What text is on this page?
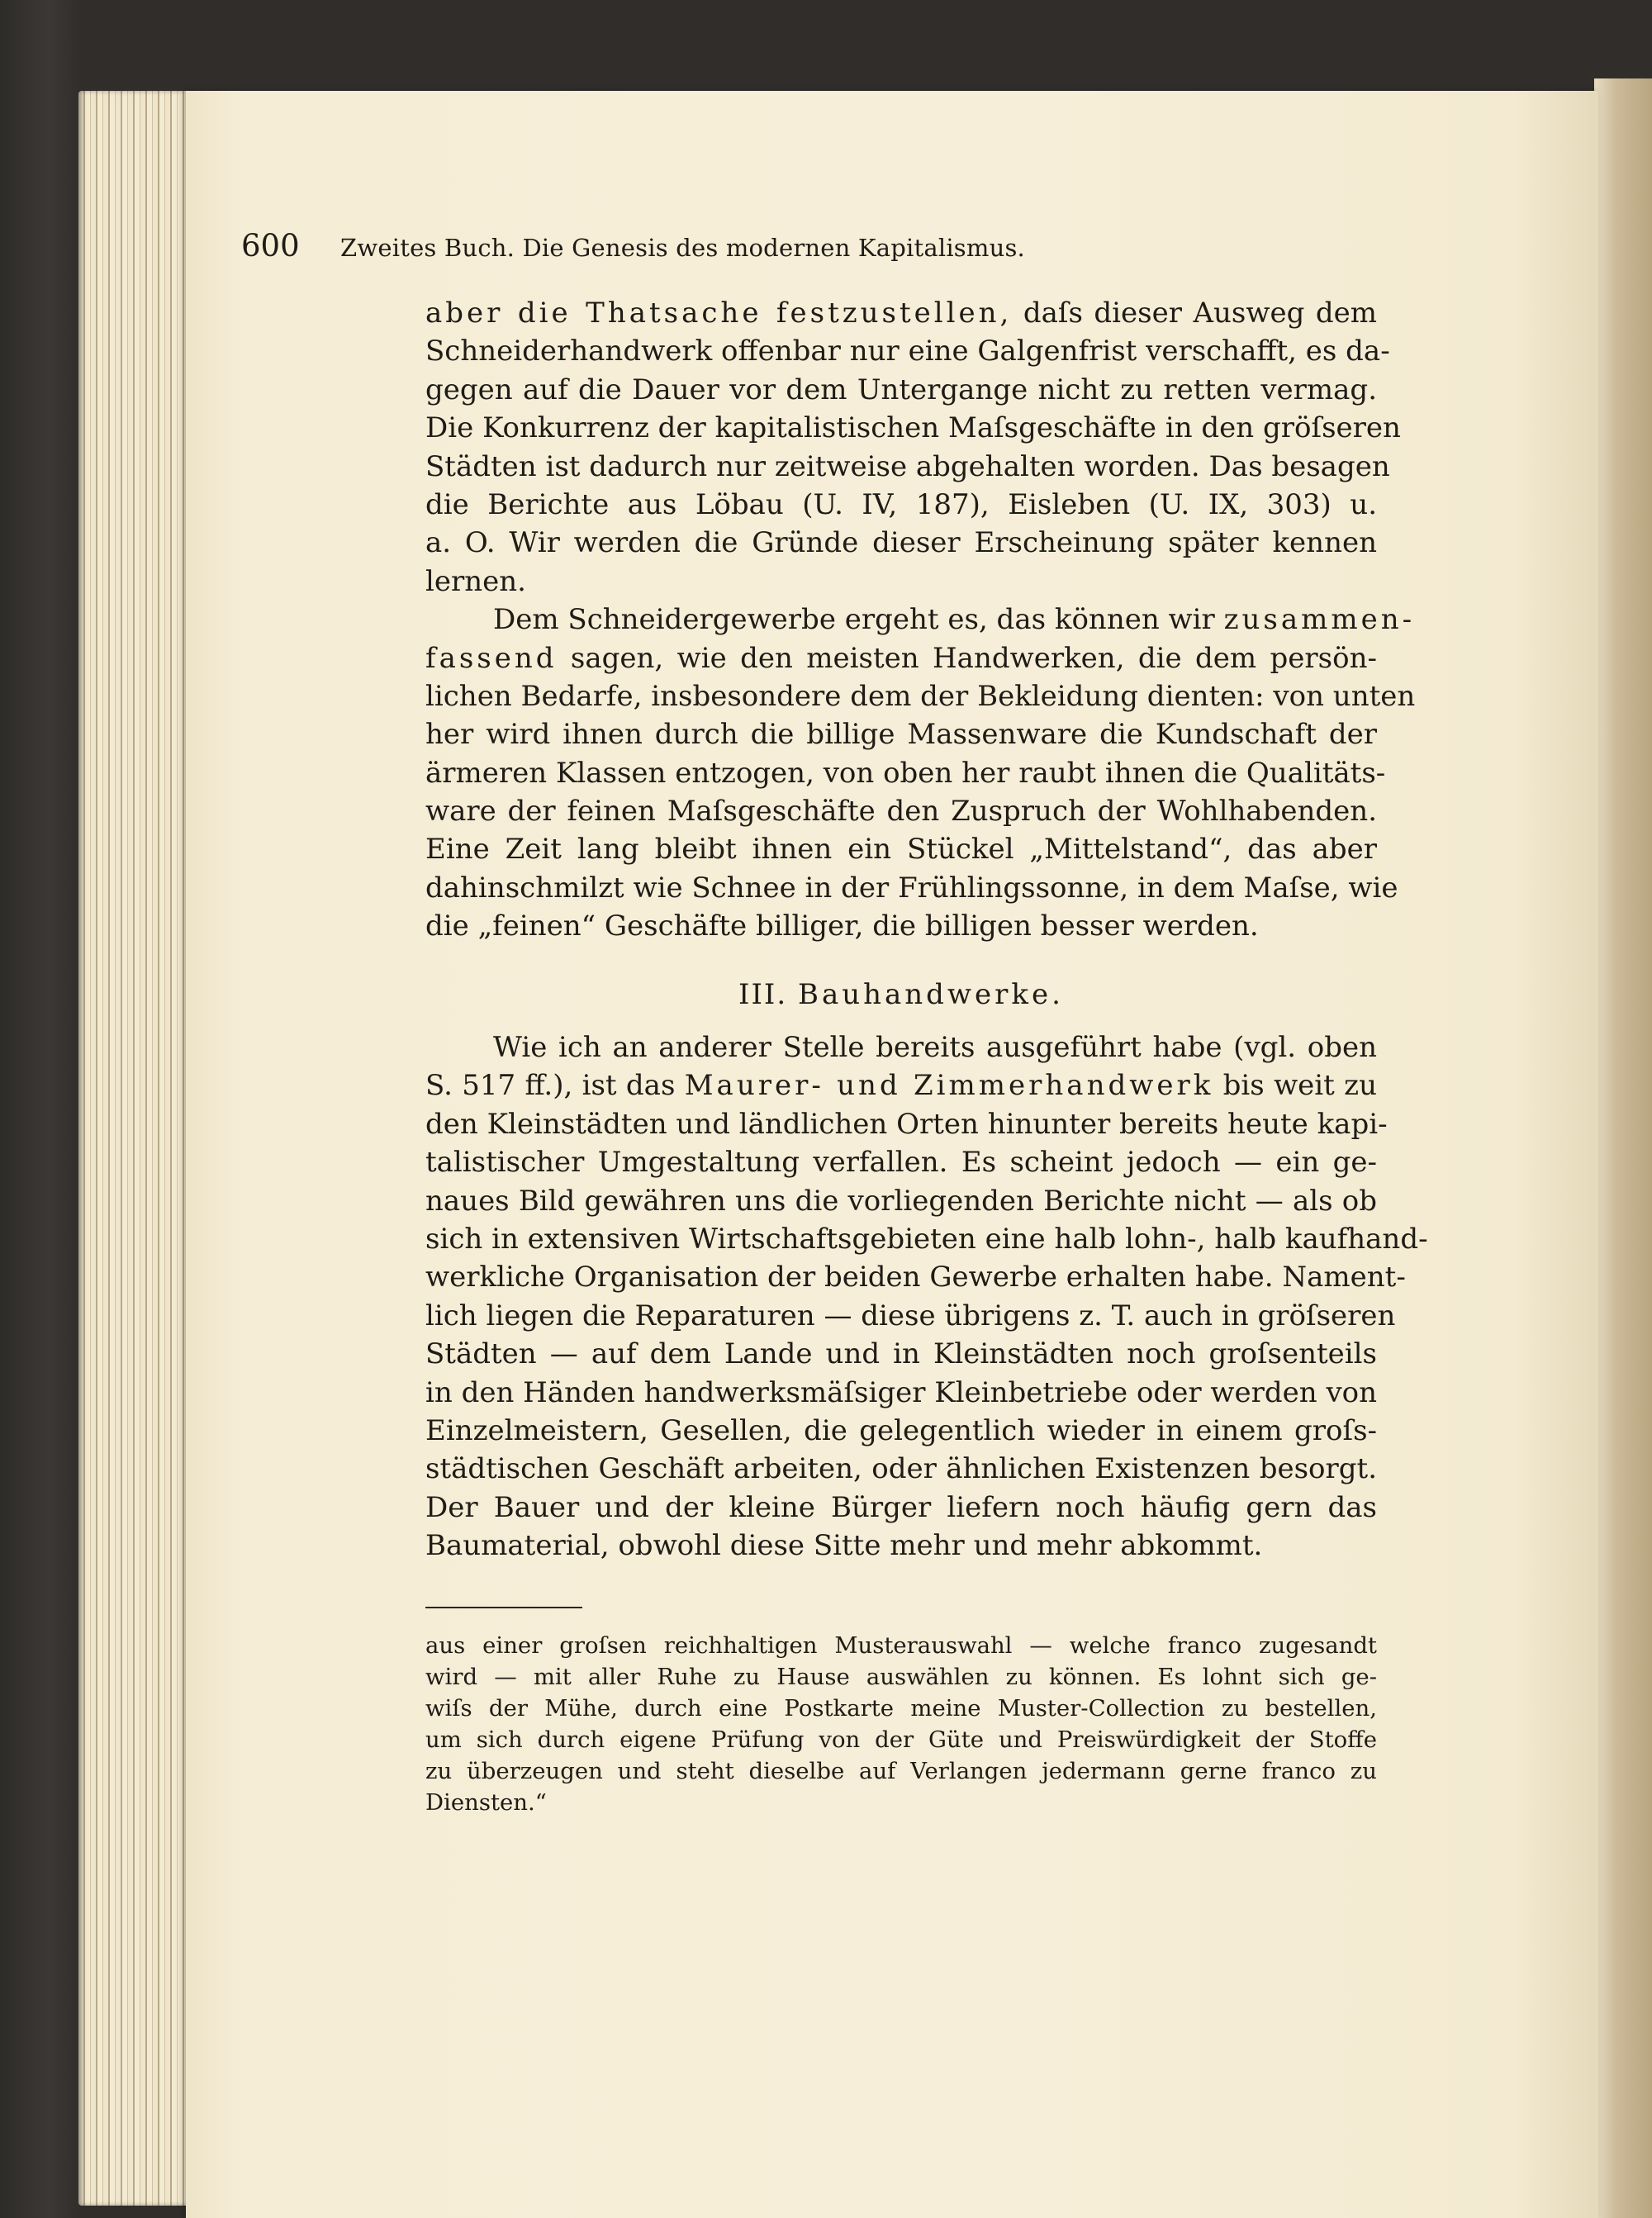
600 Zweites Buch. Die Genesis des modernen Kapitalismus.
aber die Thatsache festzustellen, daſs dieser Ausweg dem
Schneiderhandwerk offenbar nur eine Galgenfrist verschafft, es da-
gegen auf die Dauer vor dem Untergange nicht zu retten vermag.
Die Konkurrenz der kapitalistischen Maſsgeschäfte in den gröſseren
Städten ist dadurch nur zeitweise abgehalten worden. Das besagen
die Berichte aus Löbau (U. IV, 187), Eisleben (U. IX, 303) u.
a. O. Wir werden die Gründe dieser Erscheinung später kennen
lernen.
Dem Schneidergewerbe ergeht es, das können wir zusammen-
fassend sagen, wie den meisten Handwerken, die dem persön-
lichen Bedarfe, insbesondere dem der Bekleidung dienten: von unten
her wird ihnen durch die billige Massenware die Kundschaft der
ärmeren Klassen entzogen, von oben her raubt ihnen die Qualitäts-
ware der feinen Maſsgeschäfte den Zuspruch der Wohlhabenden.
Eine Zeit lang bleibt ihnen ein Stückel „Mittelstand“, das aber
dahinschmilzt wie Schnee in der Frühlingssonne, in dem Maſse, wie
die „feinen“ Geschäfte billiger, die billigen besser werden.
III. Bauhandwerke.
Wie ich an anderer Stelle bereits ausgeführt habe (vgl. oben
S. 517 ff.), ist das Maurer- und Zimmerhandwerk bis weit zu
den Kleinstädten und ländlichen Orten hinunter bereits heute kapi-
talistischer Umgestaltung verfallen. Es scheint jedoch — ein ge-
naues Bild gewähren uns die vorliegenden Berichte nicht — als ob
sich in extensiven Wirtschaftsgebieten eine halb lohn-, halb kaufhand-
werkliche Organisation der beiden Gewerbe erhalten habe. Nament-
lich liegen die Reparaturen — diese übrigens z. T. auch in gröſseren
Städten — auf dem Lande und in Kleinstädten noch groſsenteils
in den Händen handwerksmäſsiger Kleinbetriebe oder werden von
Einzelmeistern, Gesellen, die gelegentlich wieder in einem groſs-
städtischen Geschäft arbeiten, oder ähnlichen Existenzen besorgt.
Der Bauer und der kleine Bürger liefern noch häufig gern das
Baumaterial, obwohl diese Sitte mehr und mehr abkommt.
aus einer groſsen reichhaltigen Musterauswahl — welche franco zugesandt
wird — mit aller Ruhe zu Hause auswählen zu können. Es lohnt sich ge-
wiſs der Mühe, durch eine Postkarte meine Muster-Collection zu bestellen,
um sich durch eigene Prüfung von der Güte und Preiswürdigkeit der Stoffe
zu überzeugen und steht dieselbe auf Verlangen jedermann gerne franco zu
Diensten.“
